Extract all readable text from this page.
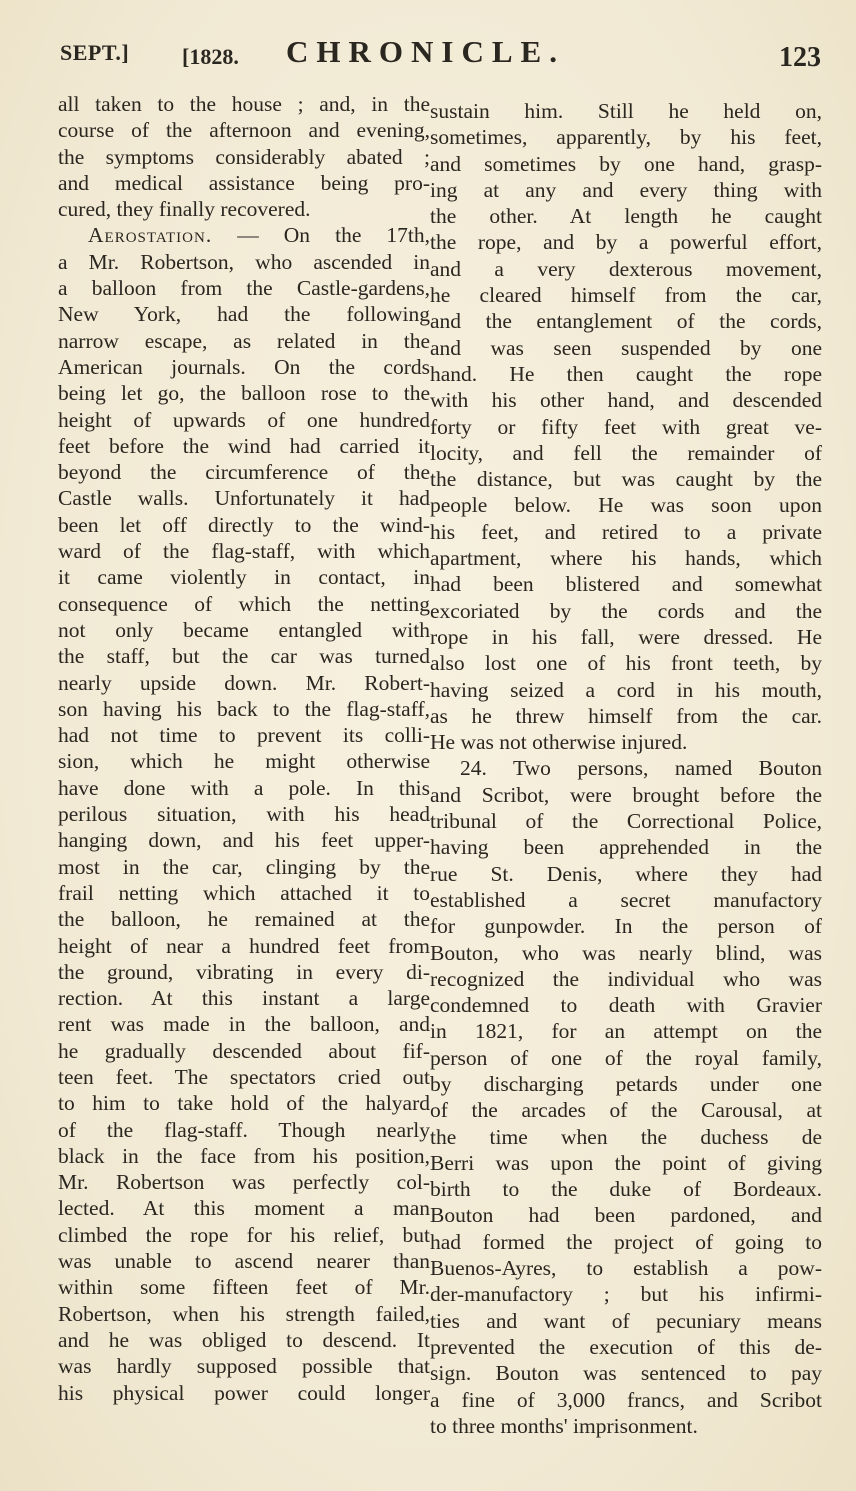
SEPT.] [1828. CHRONICLE.	123
all taken to the house ; and, in the
course of the afternoon and evening,
the symptoms considerably abated ;
and medical assistance being pro-
cured, they finally recovered.
Aerostation. — On the 17th,
a Mr. Robertson, who ascended in
a balloon from the Castle-gardens,
New York, had the following
narrow escape, as related in the
American journals. On the cords
being let go, the balloon rose to the
height of upwards of one hundred
feet before the wind had carried it
beyond the circumference of the
Castle walls. Unfortunately it had
been let off directly to the wind-
ward of the flag-staff, with which
it came violently in contact, in
consequence of which the netting
not only became entangled with
the staff, but the car was turned
nearly upside down. Mr. Robert-
son having his back to the flag-staff,
had not time to prevent its colli-
sion, which he might otherwise
have done with a pole. In this
perilous situation, with his head
hanging down, and his feet upper-
most in the car, clinging by the
frail netting which attached it to
the balloon, he remained at the
height of near a hundred feet from
the ground, vibrating in every di-
rection. At this instant a large
rent was made in the balloon, and
he gradually descended about fif-
teen feet. The spectators cried out
to him to take hold of the halyard
of the flag-staff. Though nearly
black in the face from his position,
Mr. Robertson was perfectly col-
lected. At this moment a man
climbed the rope for his relief, but
was unable to ascend nearer than
within some fifteen feet of Mr.
Robertson, when his strength failed,
and he was obliged to descend. It
was hardly supposed possible that
his physical power could longer
sustain him. Still he held on,
sometimes, apparently, by his feet,
and sometimes by one hand, grasp-
ing at any and every thing with
the other. At length he caught
the rope, and by a powerful effort,
and a very dexterous movement,
he cleared himself from the car,
and the entanglement of the cords,
and was seen suspended by one
hand. He then caught the rope
with his other hand, and descended
forty or fifty feet with great ve-
locity, and fell the remainder of
the distance, but was caught by the
people below. He was soon upon
his feet, and retired to a private
apartment, where his hands, which
had been blistered and somewhat
excoriated by the cords and the
rope in his fall, were dressed. He
also lost one of his front teeth, by
having seized a cord in his mouth,
as he threw himself from the car.
He was not otherwise injured.
24. Two persons, named Bouton
and Scribot, were brought before the
tribunal of the Correctional Police,
having been apprehended in the
rue St. Denis, where they had
established a secret manufactory
for gunpowder. In the person of
Bouton, who was nearly blind, was
recognized the individual who was
condemned to death with Gravier
in 1821, for an attempt on the
person of one of the royal family,
by discharging petards under one
of the arcades of the Carousal, at
the time when the duchess de
Berri was upon the point of giving
birth to the duke of Bordeaux.
Bouton had been pardoned, and
had formed the project of going to
Buenos-Ayres, to establish a pow-
der-manufactory ; but his infirmi-
ties and want of pecuniary means
prevented the execution of this de-
sign. Bouton was sentenced to pay
a fine of 3,000 francs, and Scribot
to three months' imprisonment.
